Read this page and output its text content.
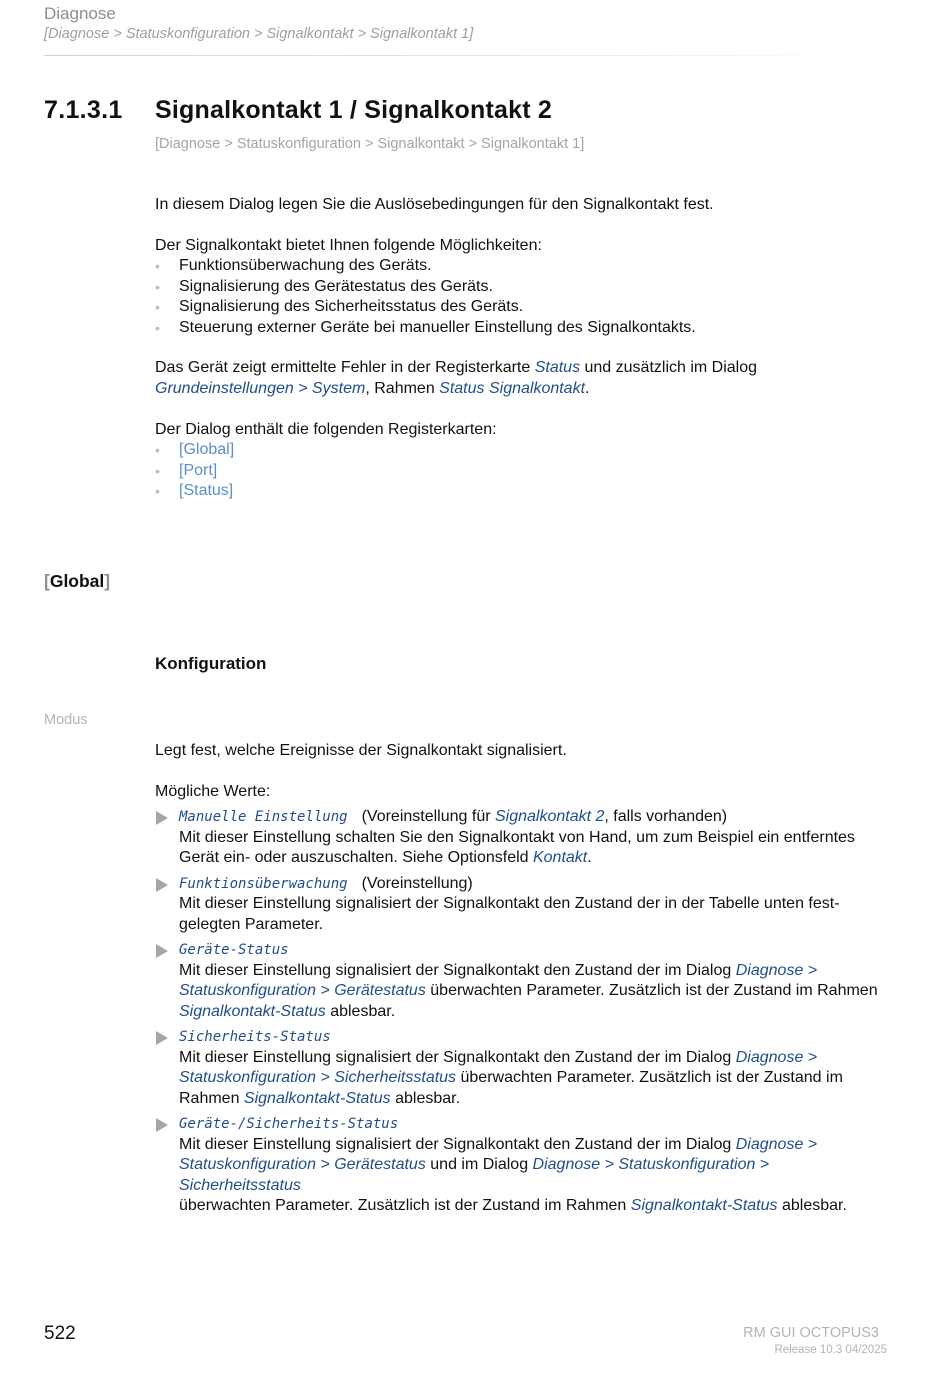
Diagnose
[Diagnose > Statuskonfiguration > Signalkontakt > Signalkontakt 1]
7.1.3.1 Signalkontakt 1 / Signalkontakt 2
[Diagnose > Statuskonfiguration > Signalkontakt > Signalkontakt 1]
In diesem Dialog legen Sie die Auslösebedingungen für den Signalkontakt fest.
Der Signalkontakt bietet Ihnen folgende Möglichkeiten:
• Funktionsüberwachung des Geräts.
• Signalisierung des Gerätestatus des Geräts.
• Signalisierung des Sicherheitsstatus des Geräts.
• Steuerung externer Geräte bei manueller Einstellung des Signalkontakts.
Das Gerät zeigt ermittelte Fehler in der Registerkarte Status und zusätzlich im Dialog
Grundeinstellungen > System, Rahmen Status Signalkontakt.
Der Dialog enthält die folgenden Registerkarten:
• [Global]
• [Port]
• [Status]
[Global]
Konfiguration
Modus
Legt fest, welche Ereignisse der Signalkontakt signalisiert.
Mögliche Werte:
Manuelle Einstellung (Voreinstellung für Signalkontakt 2, falls vorhanden)
Mit dieser Einstellung schalten Sie den Signalkontakt von Hand, um zum Beispiel ein entferntes Gerät ein- oder auszuschalten. Siehe Optionsfeld Kontakt.
Funktionsüberwachung (Voreinstellung)
Mit dieser Einstellung signalisiert der Signalkontakt den Zustand der in der Tabelle unten festgelegten Parameter.
Geräte-Status
Mit dieser Einstellung signalisiert der Signalkontakt den Zustand der im Dialog Diagnose >
Statuskonfiguration > Gerätestatus überwachten Parameter. Zusätzlich ist der Zustand im Rahmen Signalkontakt-Status ablesbar.
Sicherheits-Status
Mit dieser Einstellung signalisiert der Signalkontakt den Zustand der im Dialog Diagnose >
Statuskonfiguration > Sicherheitsstatus überwachten Parameter. Zusätzlich ist der Zustand im Rahmen Signalkontakt-Status ablesbar.
Geräte-/Sicherheits-Status
Mit dieser Einstellung signalisiert der Signalkontakt den Zustand der im Dialog Diagnose >
Statuskonfiguration > Gerätestatus und im Dialog Diagnose > Statuskonfiguration > Sicherheitsstatus
überwachten Parameter. Zusätzlich ist der Zustand im Rahmen Signalkontakt-Status ablesbar.
522	RM GUI OCTOPUS3
Release 10.3 04/2025
